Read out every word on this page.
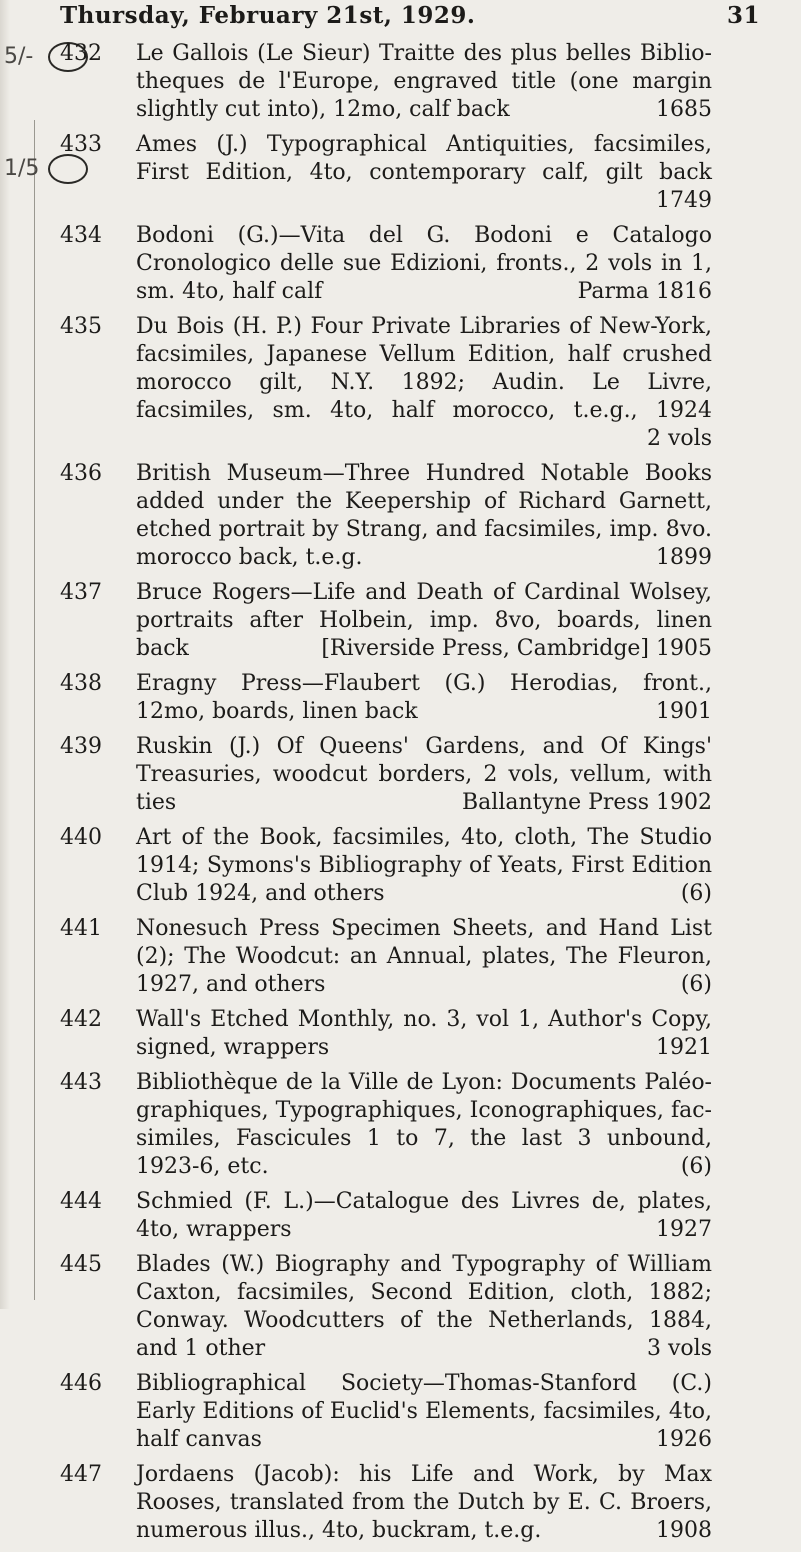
Thursday, February 21st, 1929.	31
5/-
1/5
432	Le Gallois (Le Sieur) Traitte des plus belles Biblio-theques de l'Europe, engraved title (one margin slightly cut into), 12mo, calf back	1685
433	Ames (J.) Typographical Antiquities, facsimiles, First Edition, 4to, contemporary calf, gilt back
1749
434	Bodoni (G.)—Vita del G. Bodoni e Catalogo Cronologico delle sue Edizioni, fronts., 2 vols in 1, sm. 4to, half calf	Parma 1816
435	Du Bois (H. P.) Four Private Libraries of New-York, facsimiles, Japanese Vellum Edition, half crushed morocco gilt, N.Y. 1892; Audin. Le Livre, facsimiles, sm. 4to, half morocco, t.e.g., 1924
2 vols
436	British Museum—Three Hundred Notable Books added under the Keepership of Richard Garnett, etched portrait by Strang, and facsimiles, imp. 8vo. morocco back, t.e.g.	1899
437	Bruce Rogers—Life and Death of Cardinal Wolsey, portraits after Holbein, imp. 8vo, boards, linen back	[Riverside Press, Cambridge] 1905
438	Eragny Press—Flaubert (G.) Herodias, front., 12mo, boards, linen back	1901
439	Ruskin (J.) Of Queens' Gardens, and Of Kings' Treasuries, woodcut borders, 2 vols, vellum, with ties	Ballantyne Press 1902
440	Art of the Book, facsimiles, 4to, cloth, The Studio 1914; Symons's Bibliography of Yeats, First Edition Club 1924, and others	(6)
441	Nonesuch Press Specimen Sheets, and Hand List (2); The Woodcut: an Annual, plates, The Fleuron, 1927, and others	(6)
442	Wall's Etched Monthly, no. 3, vol 1, Author's Copy, signed, wrappers	1921
443	Bibliothèque de la Ville de Lyon: Documents Paléo-graphiques, Typographiques, Iconographiques, fac-similes, Fascicules 1 to 7, the last 3 unbound, 1923-6, etc.	(6)
444	Schmied (F. L.)—Catalogue des Livres de, plates, 4to, wrappers	1927
445	Blades (W.) Biography and Typography of William Caxton, facsimiles, Second Edition, cloth, 1882; Conway. Woodcutters of the Netherlands, 1884, and 1 other	3 vols
446	Bibliographical Society—Thomas-Stanford (C.) Early Editions of Euclid's Elements, facsimiles, 4to, half canvas	1926
447	Jordaens (Jacob): his Life and Work, by Max Rooses, translated from the Dutch by E. C. Broers, numerous illus., 4to, buckram, t.e.g.	1908
